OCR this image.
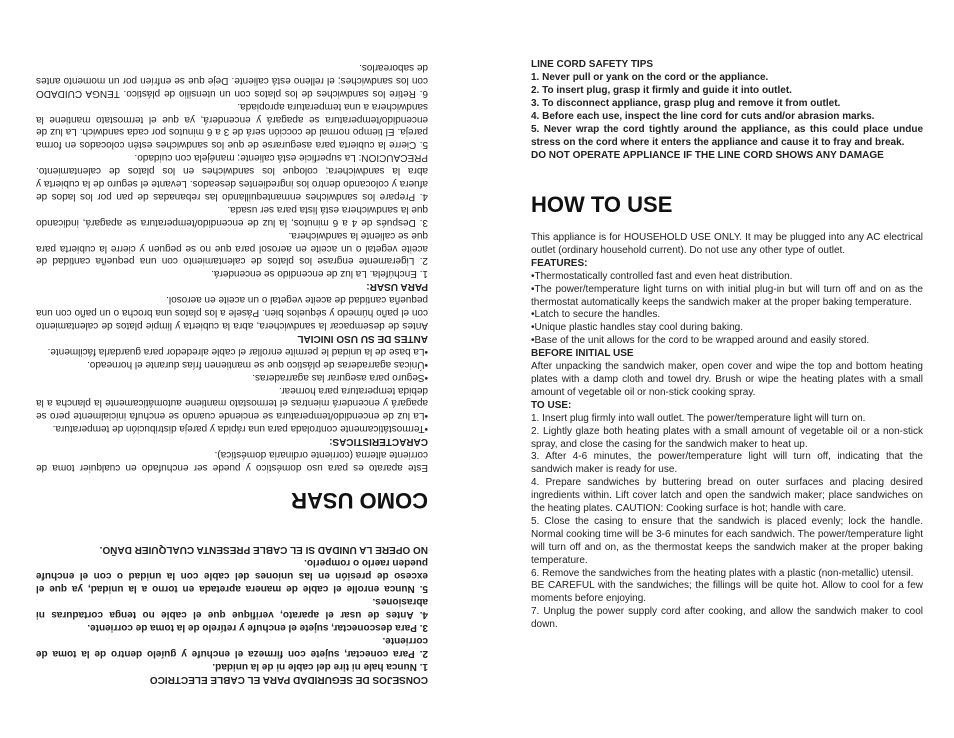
CONSEJOS DE SEGURIDAD PARA EL CABLE ELECTRICO

1. Nunca hale ni tire del cable ni de la unidad.

2. Para conectar, sujete con firmeza el enchufe y guíelo dentro de la toma de corriente.

3. Para desconectar, sujete el enchufe y retírelo de la toma de corriente.

4. Antes de usar el aparato, verifique que el cable no tenga cortaduras ni abrasiones.

5. Nunca enrolle el cable de manera apretada en torno a la unidad, ya que el exceso de presión en las uniones del cable con la unidad o con el enchufe pueden raerlo o romperlo.

NO OPERE LA UNIDAD SI EL CABLE PRESENTA CUALQUIER DAÑO.

COMO USAR

Este aparato es para uso doméstico y puede ser enchufado en cualquier toma de corriente alterna (corriente ordinaria doméstica).

CARACTERISTICAS:

• Termostáticamente controlada para una rápida y pareja distribución de temperatura.
• La luz de encendido/temperatura se enciende cuando se enchufa inicialmente pero se apagará y encenderá mientras el termostato mantiene automáticamente la plancha a la debida temperatura para hornear.
• Seguro para asegurar las agarraderas.
• Únicas agarraderas de plástico que se mantienen frías durante el horneado.
• La base de la unidad le permite enrollar el cable alrededor para guardarla fácilmente.

ANTES DE SU USO INICIAL

Antes de desempacar la sandwichera, abra la cubierta y limpie platos de calentamiento con el paño húmedo y séquelos bien. Pásele a los platos una brocha o un paño con una pequeña cantidad de aceite vegetal o un aceite en aerosol.

PARA USAR:

1. Enchúfela. La luz de encendido se encenderá.

2. Ligeramente engrase los platos de calentamiento con una pequeña cantidad de aceite vegetal o un aceite en aerosol para que no se peguen y cierre la cubierta para que se caliente la sandwichera.

3. Después de 4 a 6 minutos, la luz de encendido/temperatura se apagará, indicando que la sandwichera está lista para ser usada.

4. Prepare los sandwiches enmantequillando las rebanadas de pan por los lados de afuera y colocando dentro los ingredientes deseados. Levante el seguro de la cubierta y abra la sandwichera; coloque los sandwiches en los platos de calentamiento. PRECAUCION: La superficie está caliente; manéjela con cuidado.

5. Cierre la cubierta para asegurarse de que los sandwiches estén colocados en forma pareja. El tiempo normal de cocción será de 3 a 6 minutos por cada sandwich. La luz de encendido/temperatura se apagará y encenderá, ya que el termostato mantiene la sandwichera a una temperatura apropiada.

6. Retire los sandwiches de los platos con un utensilio de plástico. TENGA CUIDADO con los sandwiches; el relleno está caliente. Deje que se enfríen por un momento antes de saborearlos.	LINE CORD SAFETY TIPS

1. Never pull or yank on the cord or the appliance.

2. To insert plug, grasp it firmly and guide it into outlet.

3. To disconnect appliance, grasp plug and remove it from outlet.

4. Before each use, inspect the line cord for cuts and/or abrasion marks.

5. Never wrap the cord tightly around the appliance, as this could place undue stress on the cord where it enters the appliance and cause it to fray and break.

DO NOT OPERATE APPLIANCE IF THE LINE CORD SHOWS ANY DAMAGE

HOW TO USE

This appliance is for HOUSEHOLD USE ONLY. It may be plugged into any AC electrical outlet (ordinary household current). Do not use any other type of outlet.

FEATURES:

• Thermostatically controlled fast and even heat distribution.
• The power/temperature light turns on with initial plug-in but will turn off and on as the thermostat automatically keeps the sandwich maker at the proper baking temperature.
• Latch to secure the handles.
• Unique plastic handles stay cool during baking.
• Base of the unit allows for the cord to be wrapped around and easily stored.

BEFORE INITIAL USE

After unpacking the sandwich maker, open cover and wipe the top and bottom heating plates with a damp cloth and towel dry. Brush or wipe the heating plates with a small amount of vegetable oil or non-stick cooking spray.

TO USE:

1. Insert plug firmly into wall outlet. The power/temperature light will turn on.

2. Lightly glaze both heating plates with a small amount of vegetable oil or a non-stick spray, and close the casing for the sandwich maker to heat up.

3. After 4-6 minutes, the power/temperature light will turn off, indicating that the sandwich maker is ready for use.

4. Prepare sandwiches by buttering bread on outer surfaces and placing desired ingredients within. Lift cover latch and open the sandwich maker; place sandwiches on the heating plates. CAUTION: Cooking surface is hot; handle with care.

5. Close the casing to ensure that the sandwich is placed evenly; lock the handle. Normal cooking time will be 3-6 minutes for each sandwich. The power/temperature light will turn off and on, as the thermostat keeps the sandwich maker at the proper baking temperature.

6. Remove the sandwiches from the heating plates with a plastic (non-metallic) utensil.

BE CAREFUL with the sandwiches; the fillings will be quite hot. Allow to cool for a few moments before enjoying.

7. Unplug the power supply cord after cooking, and allow the sandwich maker to cool down.
